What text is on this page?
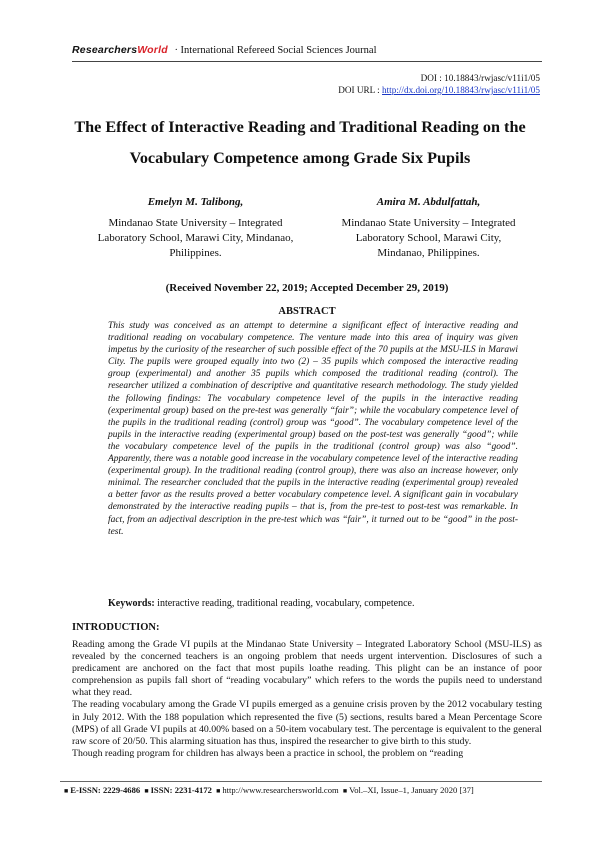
ResearchersWorld · International Refereed Social Sciences Journal
DOI : 10.18843/rwjasc/v11i1/05
DOI URL : http://dx.doi.org/10.18843/rwjasc/v11i1/05
The Effect of Interactive Reading and Traditional Reading on the
Vocabulary Competence among Grade Six Pupils
Emelyn M. Talibong,
Mindanao State University – Integrated
Laboratory School, Marawi City, Mindanao,
Philippines.
Amira M. Abdulfattah,
Mindanao State University – Integrated
Laboratory School, Marawi City,
Mindanao, Philippines.
(Received November 22, 2019; Accepted December 29, 2019)
ABSTRACT
This study was conceived as an attempt to determine a significant effect of interactive reading and traditional reading on vocabulary competence. The venture made into this area of inquiry was given impetus by the curiosity of the researcher of such possible effect of the 70 pupils at the MSU-ILS in Marawi City. The pupils were grouped equally into two (2) – 35 pupils which composed the interactive reading group (experimental) and another 35 pupils which composed the traditional reading (control). The researcher utilized a combination of descriptive and quantitative research methodology. The study yielded the following findings: The vocabulary competence level of the pupils in the interactive reading (experimental group) based on the pre-test was generally “fair”; while the vocabulary competence level of the pupils in the traditional reading (control) group was “good”. The vocabulary competence level of the pupils in the interactive reading (experimental group) based on the post-test was generally “good”; while the vocabulary competence level of the pupils in the traditional (control group) was also “good”. Apparently, there was a notable good increase in the vocabulary competence level of the interactive reading (experimental group). In the traditional reading (control group), there was also an increase however, only minimal. The researcher concluded that the pupils in the interactive reading (experimental group) revealed a better favor as the results proved a better vocabulary competence level. A significant gain in vocabulary demonstrated by the interactive reading pupils – that is, from the pre-test to post-test was remarkable. In fact, from an adjectival description in the pre-test which was “fair”, it turned out to be “good” in the post-test.
Keywords: interactive reading, traditional reading, vocabulary, competence.
INTRODUCTION:

Reading among the Grade VI pupils at the Mindanao State University – Integrated Laboratory School (MSU-ILS) as revealed by the concerned teachers is an ongoing problem that needs urgent intervention. Disclosures of such a predicament are anchored on the fact that most pupils loathe reading. This plight can be an instance of poor comprehension as pupils fall short of “reading vocabulary” which refers to the words the pupils need to understand what they read.

The reading vocabulary among the Grade VI pupils emerged as a genuine crisis proven by the 2012 vocabulary testing in July 2012. With the 188 population which represented the five (5) sections, results bared a Mean Percentage Score (MPS) of all Grade VI pupils at 40.00% based on a 50-item vocabulary test. The percentage is equivalent to the general raw score of 20/50. This alarming situation has thus, inspired the researcher to give birth to this study.

Though reading program for children has always been a practice in school, the problem on “reading

■ E-ISSN: 2229-4686 ■ ISSN: 2231-4172 ■ http://www.researchersworld.com ■ Vol.–XI, Issue–1, January 2020 [37]
